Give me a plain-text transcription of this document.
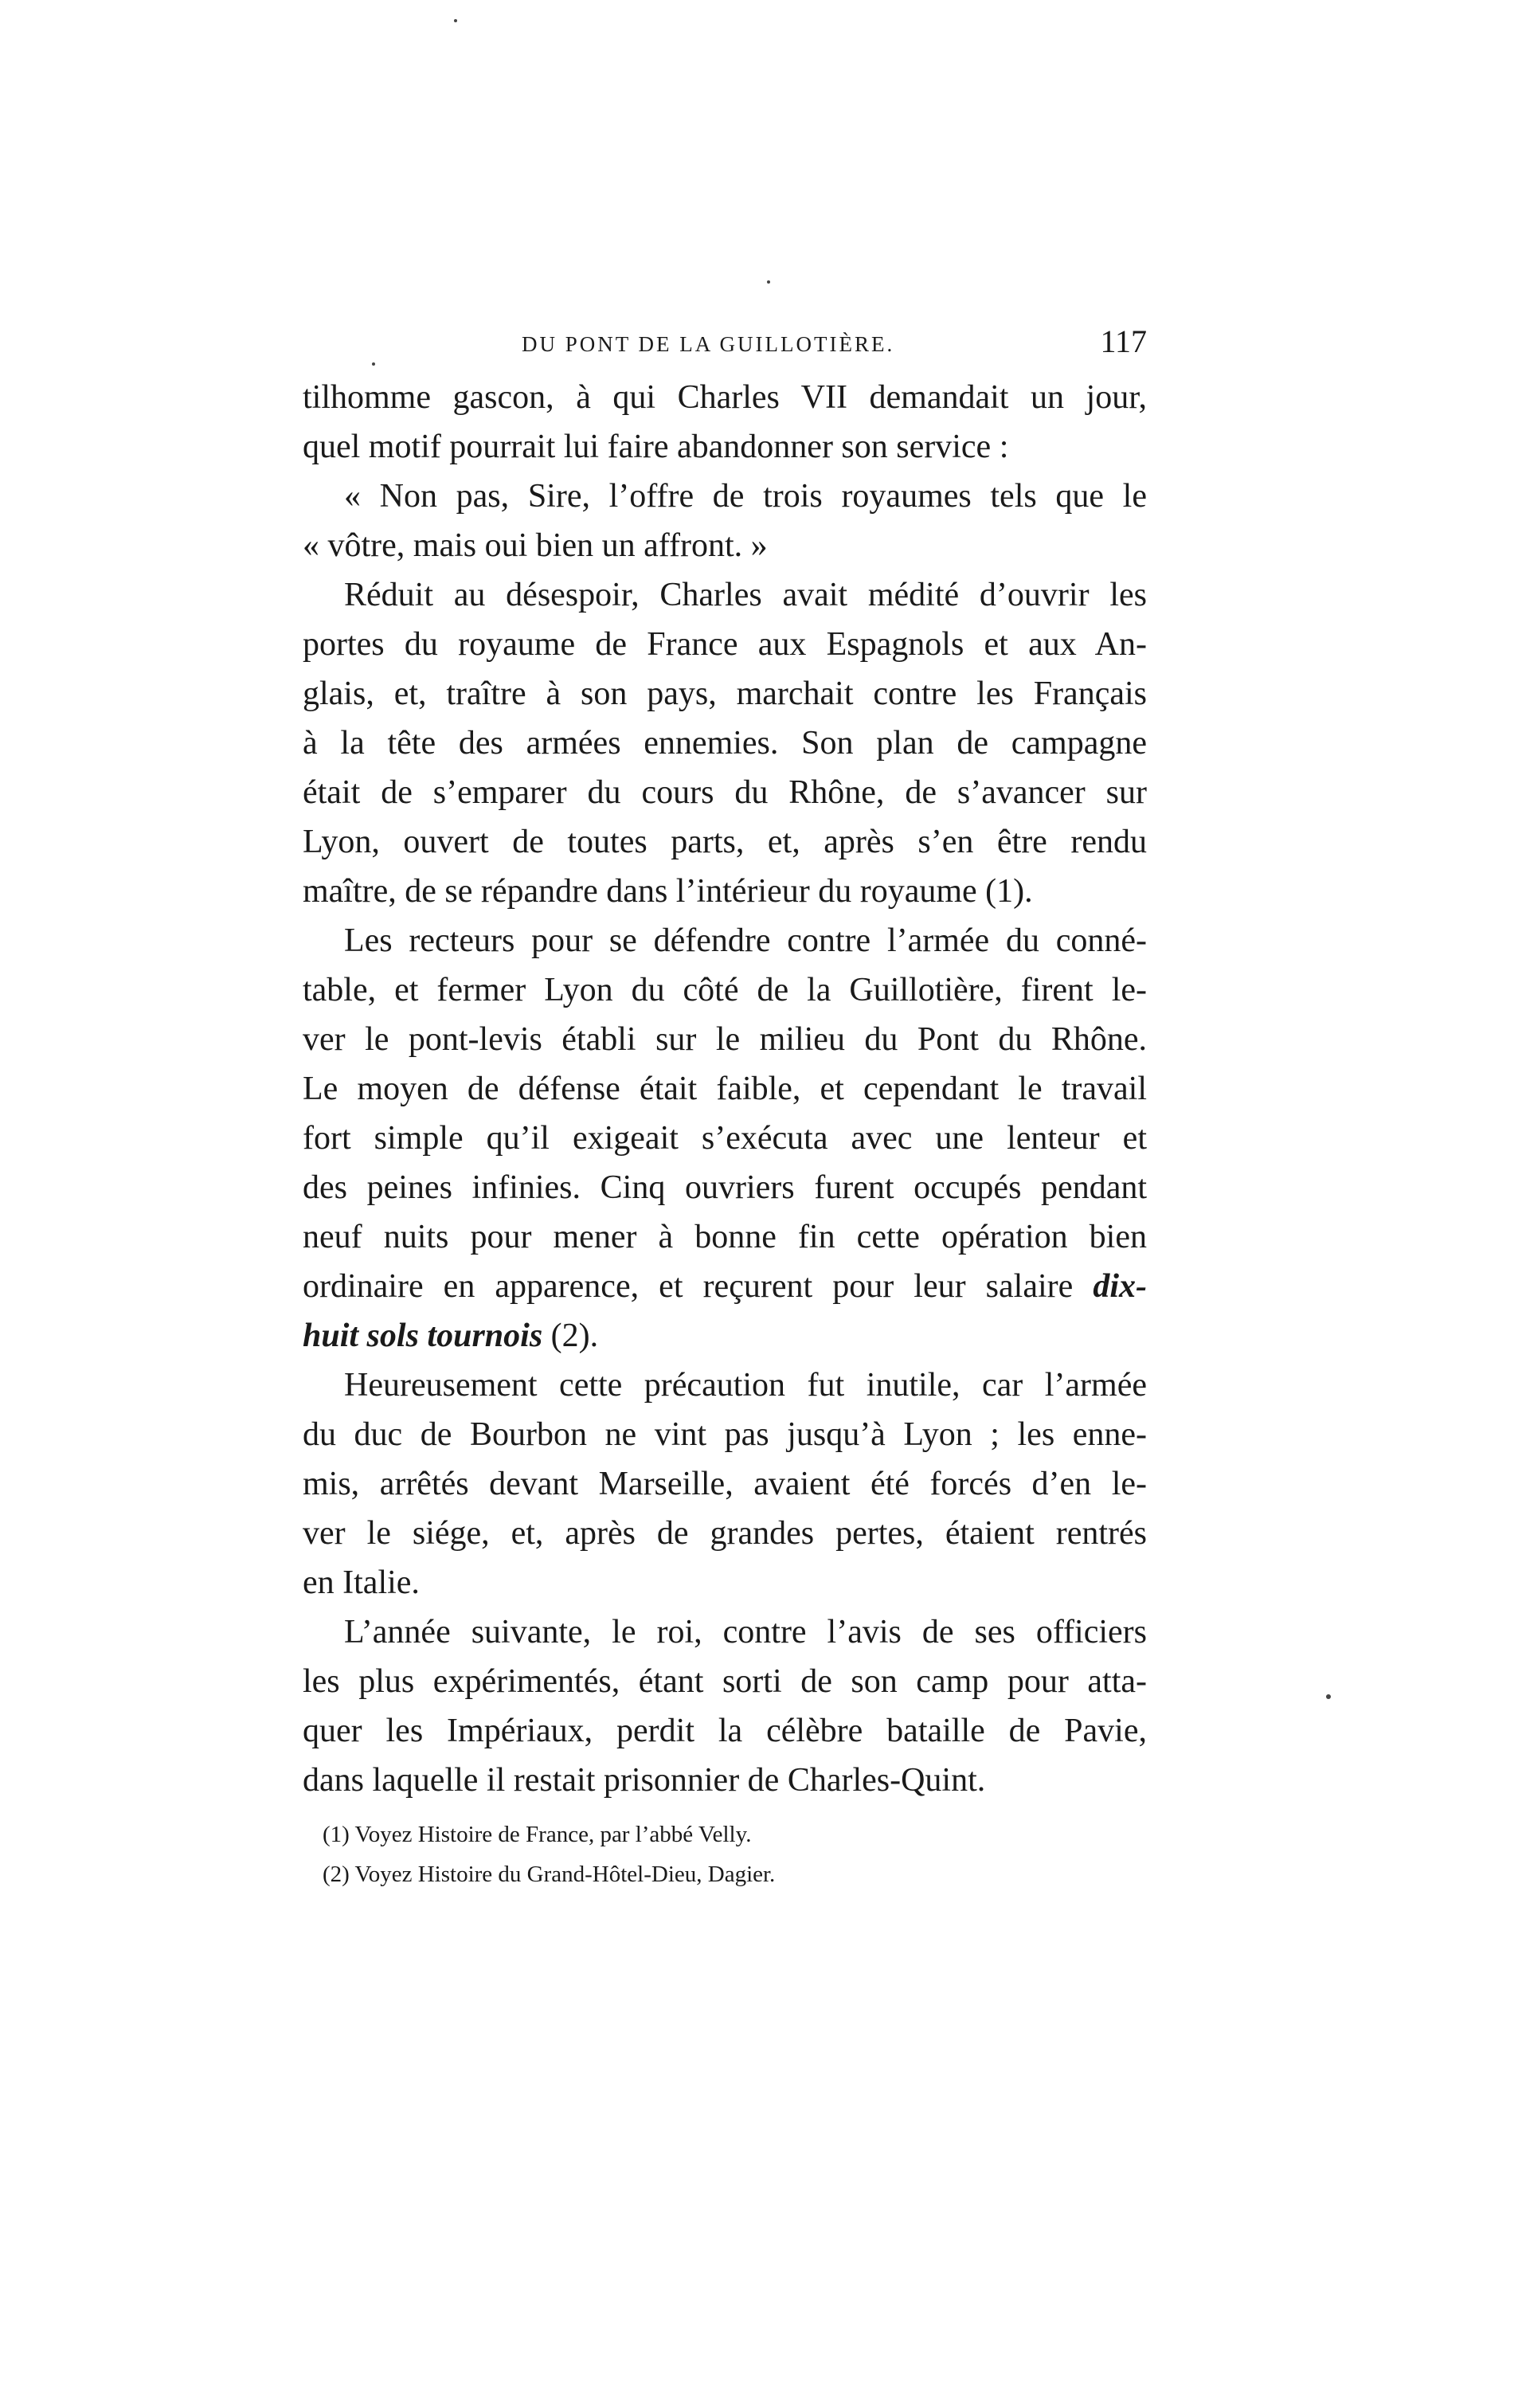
DU PONT DE LA GUILLOTIÈRE.	117
tilhomme gascon, à qui Charles VII demandait un jour,
quel motif pourrait lui faire abandonner son service :
« Non pas, Sire, l’offre de trois royaumes tels que le
« vôtre, mais oui bien un affront. »
Réduit au désespoir, Charles avait médité d’ouvrir les
portes du royaume de France aux Espagnols et aux An-
glais, et, traître à son pays, marchait contre les Français
à la tête des armées ennemies. Son plan de campagne
était de s’emparer du cours du Rhône, de s’avancer sur
Lyon, ouvert de toutes parts, et, après s’en être rendu
maître, de se répandre dans l’intérieur du royaume (1).
Les recteurs pour se défendre contre l’armée du conné-
table, et fermer Lyon du côté de la Guillotière, firent le-
ver le pont-levis établi sur le milieu du Pont du Rhône.
Le moyen de défense était faible, et cependant le travail
fort simple qu’il exigeait s’exécuta avec une lenteur et
des peines infinies. Cinq ouvriers furent occupés pendant
neuf nuits pour mener à bonne fin cette opération bien
ordinaire en apparence, et reçurent pour leur salaire dix-
huit sols tournois (2).
Heureusement cette précaution fut inutile, car l’armée
du duc de Bourbon ne vint pas jusqu’à Lyon ; les enne-
mis, arrêtés devant Marseille, avaient été forcés d’en le-
ver le siége, et, après de grandes pertes, étaient rentrés
en Italie.
L’année suivante, le roi, contre l’avis de ses officiers
les plus expérimentés, étant sorti de son camp pour atta-
quer les Impériaux, perdit la célèbre bataille de Pavie,
dans laquelle il restait prisonnier de Charles-Quint.
(1) Voyez Histoire de France, par l’abbé Velly.
(2) Voyez Histoire du Grand-Hôtel-Dieu, Dagier.
